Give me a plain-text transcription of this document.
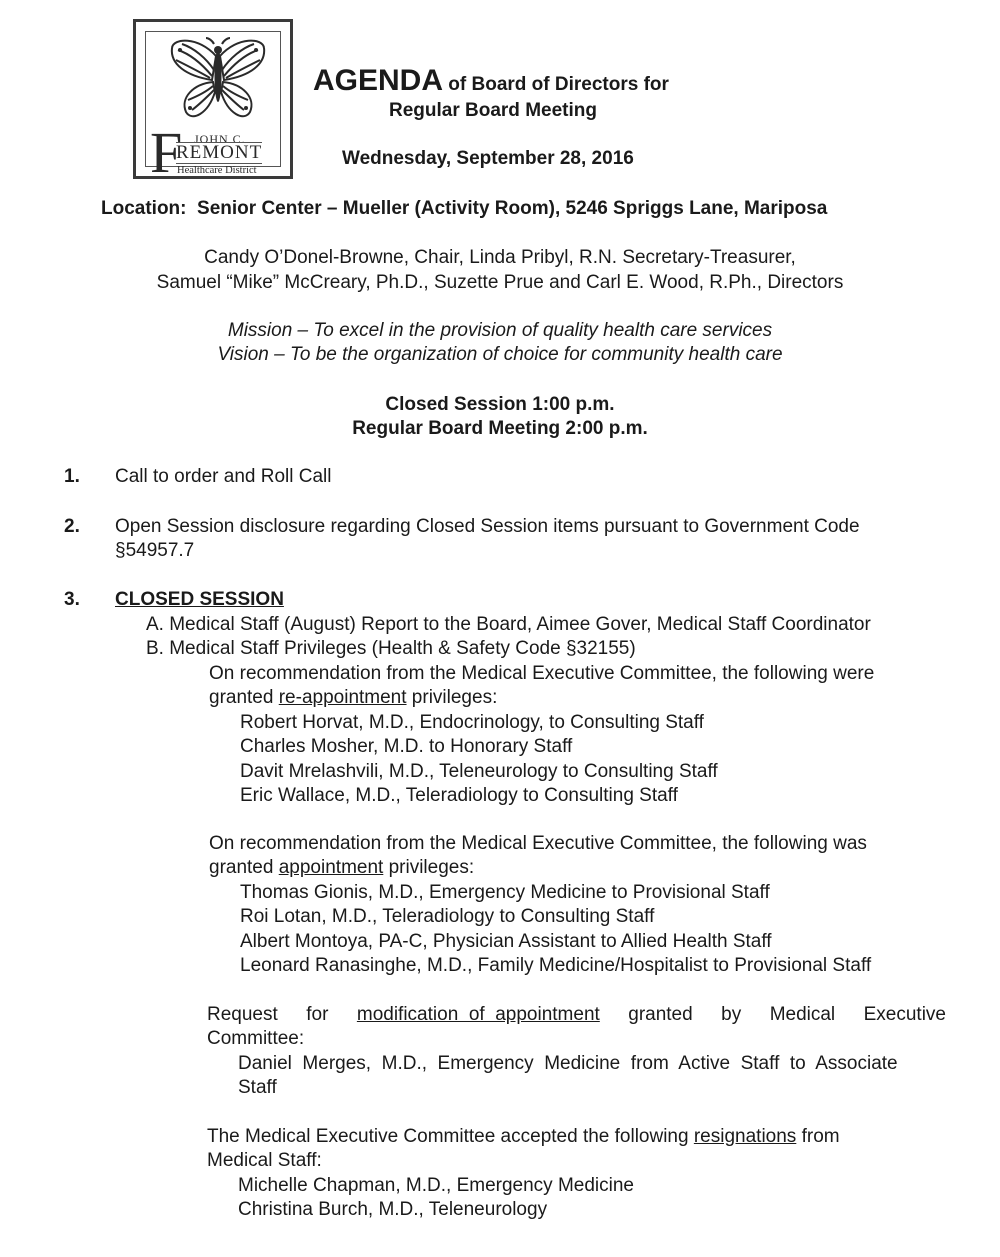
F JOHN C.
REMONT
Healthcare District
AGENDA of Board of Directors for
Regular Board Meeting
Wednesday, September 28, 2016
Location:  Senior Center – Mueller (Activity Room), 5246 Spriggs Lane, Mariposa
Candy O’Donel-Browne, Chair, Linda Pribyl, R.N. Secretary-Treasurer,
Samuel “Mike” McCreary, Ph.D., Suzette Prue and Carl E. Wood, R.Ph., Directors
Mission – To excel in the provision of quality health care services
Vision – To be the organization of choice for community health care
Closed Session 1:00 p.m.
Regular Board Meeting 2:00 p.m.
1. Call to order and Roll Call
2. Open Session disclosure regarding Closed Session items pursuant to Government Code
§54957.7
3. CLOSED SESSION
A. Medical Staff (August) Report to the Board, Aimee Gover, Medical Staff Coordinator
B. Medical Staff Privileges (Health & Safety Code §32155)
On recommendation from the Medical Executive Committee, the following were
granted re-appointment privileges:
Robert Horvat, M.D., Endocrinology, to Consulting Staff
Charles Mosher, M.D. to Honorary Staff
Davit Mrelashvili, M.D., Teleneurology to Consulting Staff
Eric Wallace, M.D., Teleradiology to Consulting Staff
On recommendation from the Medical Executive Committee, the following was
granted appointment privileges:
Thomas Gionis, M.D., Emergency Medicine to Provisional Staff
Roi Lotan, M.D., Teleradiology to Consulting Staff
Albert Montoya, PA-C, Physician Assistant to Allied Health Staff
Leonard Ranasinghe, M.D., Family Medicine/Hospitalist to Provisional Staff
Request for modification  of  appointment granted by Medical Executive
Committee:
Daniel  Merges,  M.D.,  Emergency  Medicine  from  Active  Staff  to  Associate
Staff
The Medical Executive Committee accepted the following resignations from
Medical Staff:
Michelle Chapman, M.D., Emergency Medicine
Christina Burch, M.D., Teleneurology
